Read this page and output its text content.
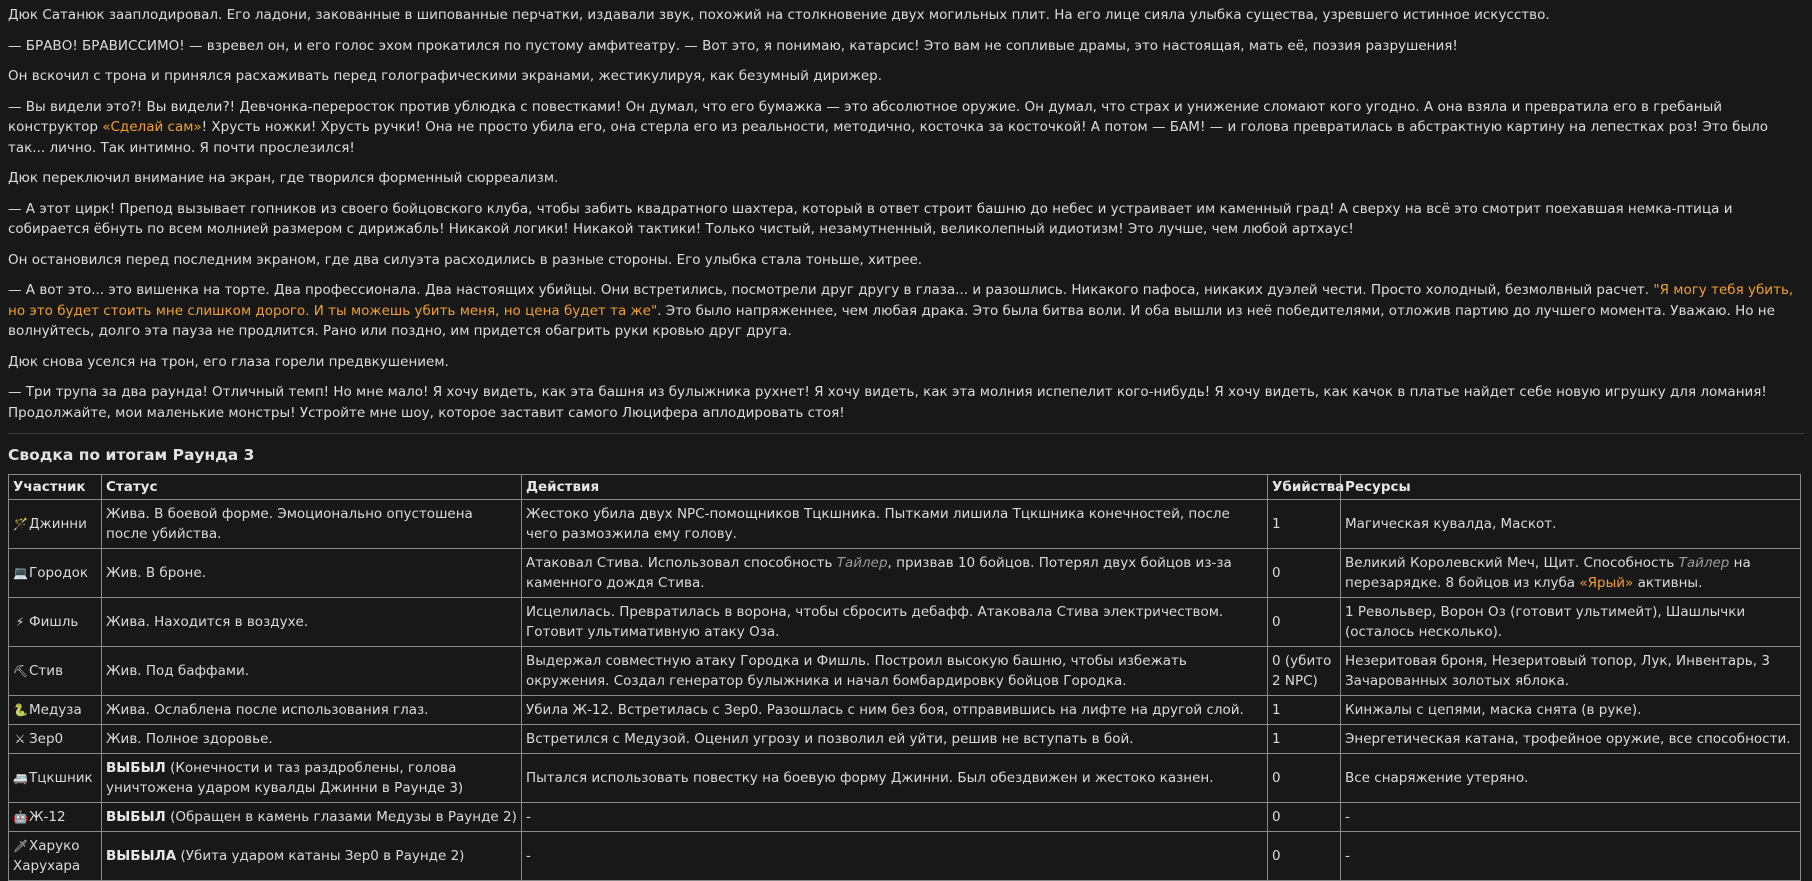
Дюк Сатанюк зааплодировал. Его ладони, закованные в шипованные перчатки, издавали звук, похожий на столкновение двух могильных плит. На его лице сияла улыбка существа, узревшего истинное искусство.

— БРАВО! БРАВИССИМО! — взревел он, и его голос эхом прокатился по пустому амфитеатру. — Вот это, я понимаю, катарсис! Это вам не сопливые драмы, это настоящая, мать её, поэзия разрушения!

Он вскочил с трона и принялся расхаживать перед голографическими экранами, жестикулируя, как безумный дирижер.

— Вы видели это?! Вы видели?! Девчонка-переросток против ублюдка с повестками! Он думал, что его бумажка — это абсолютное оружие. Он думал, что страх и унижение сломают кого угодно. А она взяла и превратила его в гребаный конструктор «Сделай сам»! Хрусть ножки! Хрусть ручки! Она не просто убила его, она стерла его из реальности, методично, косточка за косточкой! А потом — БАМ! — и голова превратилась в абстрактную картину на лепестках роз! Это было так... лично. Так интимно. Я почти прослезился!

Дюк переключил внимание на экран, где творился форменный сюрреализм.

— А этот цирк! Препод вызывает гопников из своего бойцовского клуба, чтобы забить квадратного шахтера, который в ответ строит башню до небес и устраивает им каменный град! А сверху на всё это смотрит поехавшая немка-птица и собирается ёбнуть по всем молнией размером с дирижабль! Никакой логики! Никакой тактики! Только чистый, незамутненный, великолепный идиотизм! Это лучше, чем любой артхаус!

Он остановился перед последним экраном, где два силуэта расходились в разные стороны. Его улыбка стала тоньше, хитрее.

— А вот это... это вишенка на торте. Два профессионала. Два настоящих убийцы. Они встретились, посмотрели друг другу в глаза... и разошлись. Никакого пафоса, никаких дуэлей чести. Просто холодный, безмолвный расчет. "Я могу тебя убить, но это будет стоить мне слишком дорого. И ты можешь убить меня, но цена будет та же". Это было напряженнее, чем любая драка. Это была битва воли. И оба вышли из неё победителями, отложив партию до лучшего момента. Уважаю. Но не волнуйтесь, долго эта пауза не продлится. Рано или поздно, им придется обагрить руки кровью друг друга.

Дюк снова уселся на трон, его глаза горели предвкушением.

— Три трупа за два раунда! Отличный темп! Но мне мало! Я хочу видеть, как эта башня из булыжника рухнет! Я хочу видеть, как эта молния испепелит кого-нибудь! Я хочу видеть, как качок в платье найдет себе новую игрушку для ломания! Продолжайте, мои маленькие монстры! Устройте мне шоу, которое заставит самого Люцифера аплодировать стоя!

Сводка по итогам Раунда 3
Участник	Статус	Действия	Убийства	Ресурсы
🪄Джинни	Жива. В боевой форме. Эмоционально опустошена после убийства.	Жестоко убила двух NPC-помощников Тцкшника. Пытками лишила Тцкшника конечностей, после чего размозжила ему голову.	1	Магическая кувалда, Маскот.
💻Городок	Жив. В броне.	Атаковал Стива. Использовал способность Тайлер, призвав 10 бойцов. Потерял двух бойцов из-за каменного дождя Стива.	0	Великий Королевский Меч, Щит. Способность Тайлер на перезарядке. 8 бойцов из клуба «Ярый» активны.
⚡ Фишль	Жива. Находится в воздухе.	Исцелилась. Превратилась в ворона, чтобы сбросить дебафф. Атаковала Стива электричеством. Готовит ультимативную атаку Оза.	0	1 Револьвер, Ворон Оз (готовит ультимейт), Шашлычки (осталось несколько).
⛏Стив	Жив. Под баффами.	Выдержал совместную атаку Городка и Фишль. Построил высокую башню, чтобы избежать окружения. Создал генератор булыжника и начал бомбардировку бойцов Городка.	0 (убито 2 NPC)	Незеритовая броня, Незеритовый топор, Лук, Инвентарь, 3 Зачарованных золотых яблока.
🐍Медуза	Жива. Ослаблена после использования глаз.	Убила Ж-12. Встретилась с Зер0. Разошлась с ним без боя, отправившись на лифте на другой слой.	1	Кинжалы с цепями, маска снята (в руке).
⚔ Зер0	Жив. Полное здоровье.	Встретился с Медузой. Оценил угрозу и позволил ей уйти, решив не вступать в бой.	1	Энергетическая катана, трофейное оружие, все способности.
🚐Тцкшник	ВЫБЫЛ (Конечности и таз раздроблены, голова уничтожена ударом кувалды Джинни в Раунде 3)	Пытался использовать повестку на боевую форму Джинни. Был обездвижен и жестоко казнен.	0	Все снаряжение утеряно.
🤖Ж-12	ВЫБЫЛ (Обращен в камень глазами Медузы в Раунде 2)	-	0	-
🗡Харуко Харухара	ВЫБЫЛА (Убита ударом катаны Зер0 в Раунде 2)	-	0	-
